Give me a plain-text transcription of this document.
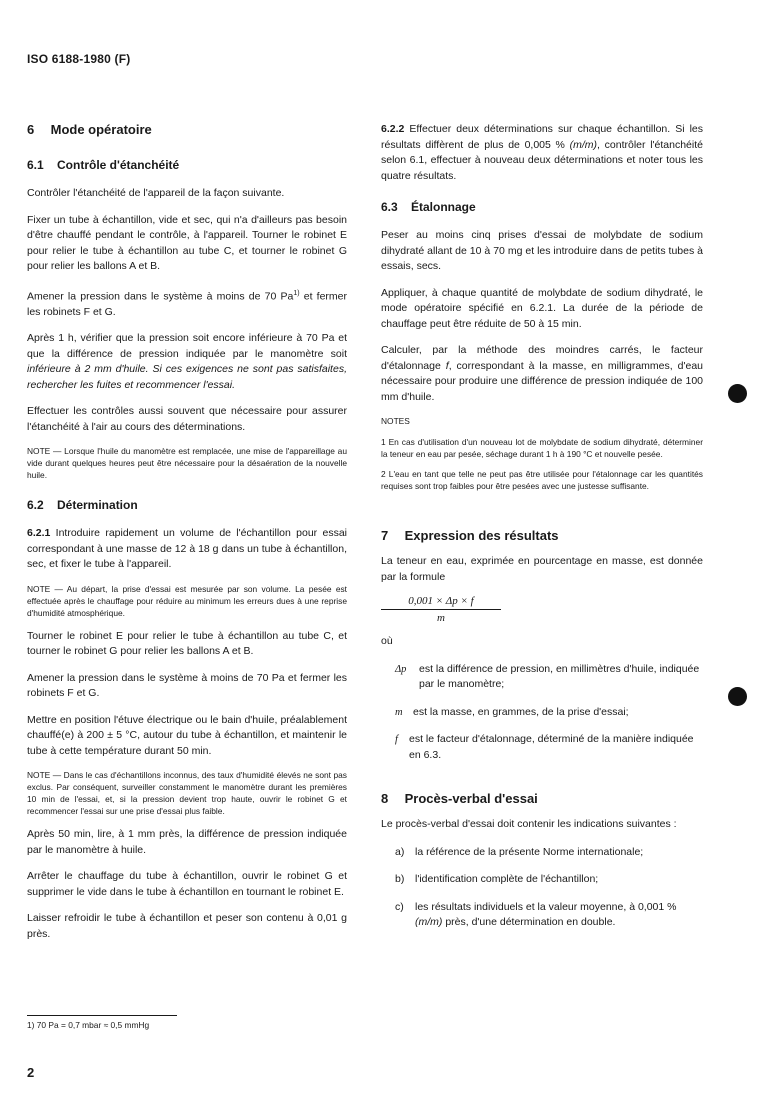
ISO 6188-1980 (F)
6 Mode opératoire
6.1 Contrôle d'étanchéité

Contrôler l'étanchéité de l'appareil de la façon suivante.

Fixer un tube à échantillon, vide et sec, qui n'a d'ailleurs pas besoin d'être chauffé pendant le contrôle, à l'appareil. Tourner le robinet E pour relier le tube à échantillon au tube C, et tourner le robinet G pour relier les ballons A et B.

Amener la pression dans le système à moins de 70 Pa$^{1)}$ et fermer les robinets F et G.

Après 1 h, vérifier que la pression soit encore inférieure à 70 Pa et que la différence de pression indiquée par le manomètre soit inférieure à 2 mm d'huile. Si ces exigences ne sont pas satisfaites, rechercher les fuites et recommencer l'essai.

Effectuer les contrôles aussi souvent que nécessaire pour assurer l'étanchéité à l'air au cours des déterminations.

NOTE — Lorsque l'huile du manomètre est remplacée, une mise de l'appareillage au vide durant quelques heures peut être nécessaire pour la désaération de la nouvelle huile.

6.2 Détermination

6.2.1 Introduire rapidement un volume de l'échantillon pour essai correspondant à une masse de 12 à 18 g dans un tube à échantillon, sec, et fixer le tube à l'appareil.

NOTE — Au départ, la prise d'essai est mesurée par son volume. La pesée est effectuée après le chauffage pour réduire au minimum les erreurs dues à une reprise d'humidité atmosphérique.

Tourner le robinet E pour relier le tube à échantillon au tube C, et tourner le robinet G pour relier les ballons A et B.

Amener la pression dans le système à moins de 70 Pa et fermer les robinets F et G.

Mettre en position l'étuve électrique ou le bain d'huile, préalablement chauffé(e) à 200 ± 5 °C, autour du tube à échantillon, et maintenir le tube à cette température durant 50 min.

NOTE — Dans le cas d'échantillons inconnus, des taux d'humidité élevés ne sont pas exclus. Par conséquent, surveiller constamment le manomètre durant les premières 10 min de l'essai, et, si la pression devient trop haute, ouvrir le robinet G et recommencer l'essai sur une prise d'essai plus faible.

Après 50 min, lire, à 1 mm près, la différence de pression indiquée par le manomètre à huile.

Arrêter le chauffage du tube à échantillon, ouvrir le robinet G et supprimer le vide dans le tube à échantillon en tournant le robinet E.

Laisser refroidir le tube à échantillon et peser son contenu à 0,01 g près.

6.2.2 Effectuer deux déterminations sur chaque échantillon. Si les résultats diffèrent de plus de 0,005 % (m/m), contrôler l'étanchéité selon 6.1, effectuer à nouveau deux déterminations et noter tous les quatre résultats.

6.3 Étalonnage

Peser au moins cinq prises d'essai de molybdate de sodium dihydraté allant de 10 à 70 mg et les introduire dans de petits tubes à essais, secs.

Appliquer, à chaque quantité de molybdate de sodium dihydraté, le mode opératoire spécifié en 6.2.1. La durée de la période de chauffage peut être réduite de 50 à 15 min.

Calculer, par la méthode des moindres carrés, le facteur d'étalonnage f, correspondant à la masse, en milligrammes, d'eau nécessaire pour produire une différence de pression indiquée de 100 mm d'huile.

NOTES

1 En cas d'utilisation d'un nouveau lot de molybdate de sodium dihydraté, déterminer la teneur en eau par pesée, séchage durant 1 h à 190 °C et nouvelle pesée.

2 L'eau en tant que telle ne peut pas être utilisée pour l'étalonnage car les quantités requises sont trop faibles pour être pesées avec une justesse suffisante.

7 Expression des résultats

La teneur en eau, exprimée en pourcentage en masse, est donnée par la formule

0,001 × Δp × f
m

où

Δp	est la différence de pression, en millimètres d'huile, indiquée par le manomètre;
m est la masse, en grammes, de la prise d'essai;
f	est le facteur d'étalonnage, déterminé de la manière indiquée en 6.3.
8 Procès-verbal d'essai

Le procès-verbal d'essai doit contenir les indications suivantes :

a)	la référence de la présente Norme internationale;
b)	l'identification complète de l'échantillon;
c)	les résultats individuels et la valeur moyenne, à 0,001 % (m/m) près, d'une détermination en double.
1) 70 Pa = 0,7 mbar ≈ 0,5 mmHg
2
